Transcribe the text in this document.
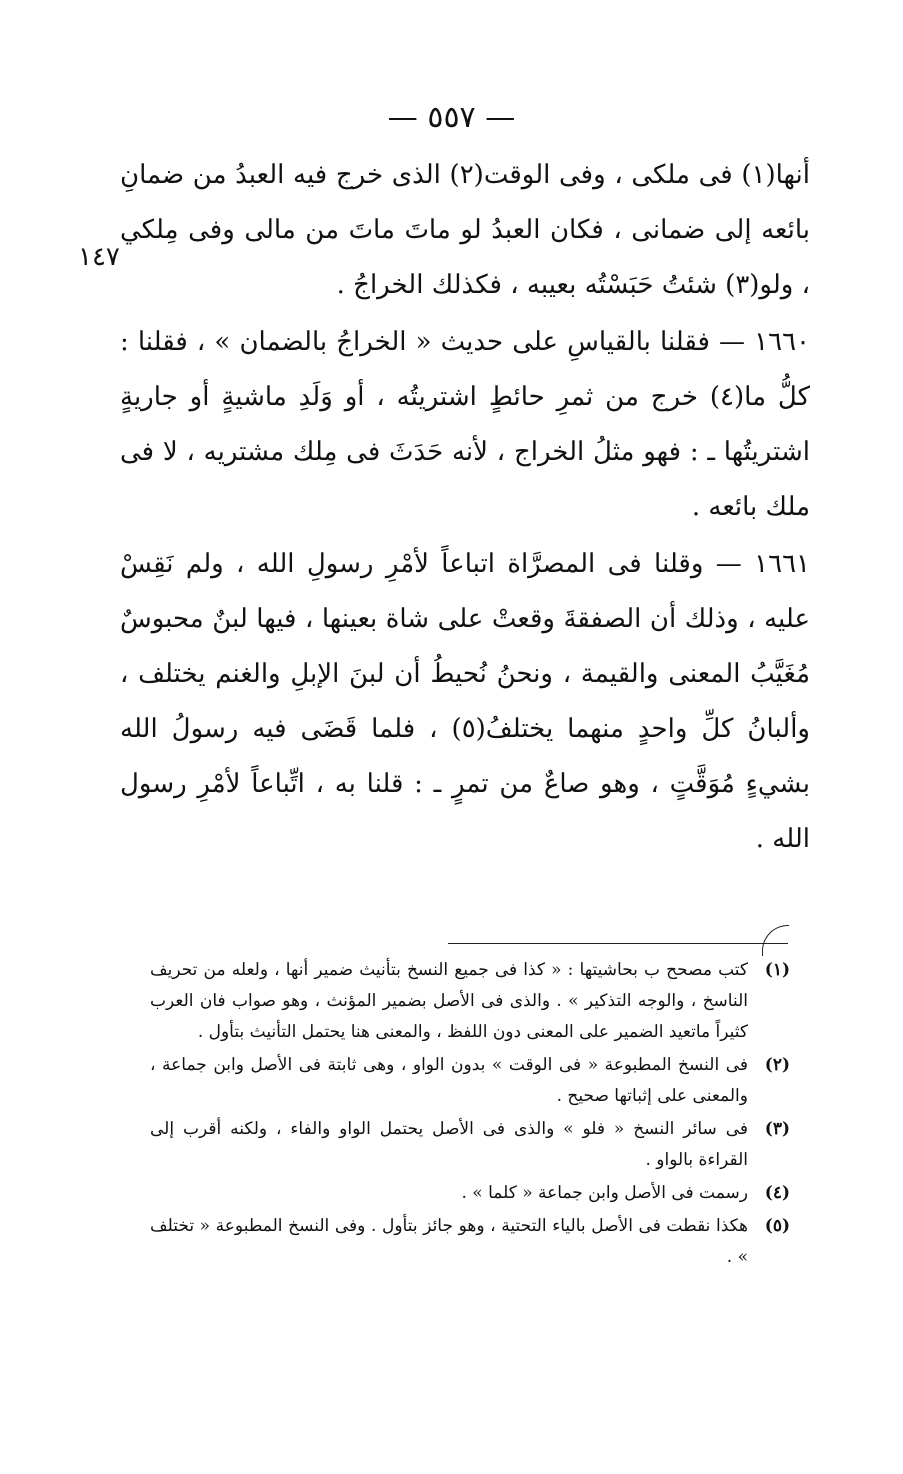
— ٥٥٧ —
١٤٧

أنها(١) فى ملكى ، وفى الوقت(٢) الذى خرج فيه العبدُ من ضمانِ بائعه إلى ضمانى ، فكان العبدُ لو ماتَ ماتَ من مالى وفى مِلكي ، ولو(٣) شئتُ حَبَسْتُه بعيبه ، فكذلك الخراجُ .

١٦٦٠ — فقلنا بالقياسِ على حديث « الخراجُ بالضمان » ، فقلنا : كلُّ ما(٤) خرج من ثمرِ حائطٍ اشتريتُه ، أو وَلَدِ ماشيةٍ أو جاريةٍ اشتريتُها ـ : فهو مثلُ الخراج ، لأنه حَدَثَ فى مِلك مشتريه ، لا فى ملك بائعه .

١٦٦١ — وقلنا فى المصرَّاة اتباعاً لأمْرِ رسولِ الله ، ولم نَقِسْ عليه ، وذلك أن الصفقةَ وقعتْ على شاة بعينها ، فيها لبنٌ محبوسٌ مُغَيَّبُ المعنى والقيمة ، ونحنُ نُحيطُ أن لبنَ الإبلِ والغنم يختلف ، وألبانُ كلِّ واحدٍ منهما يختلفُ(٥) ، فلما قَضَى فيه رسولُ الله بشيءٍ مُوَقَّتٍ ، وهو صاعٌ من تمرٍ ـ : قلنا به ، اتِّباعاً لأمْرِ رسول الله .

(١)
كتب مصحح ب بحاشيتها : « كذا فى جميع النسخ بتأنيث ضمير أنها ، ولعله من تحريف الناسخ ، والوجه التذكير » . والذى فى الأصل بضمير المؤنث ، وهو صواب فان العرب كثيراً ماتعيد الضمير على المعنى دون اللفظ ، والمعنى هنا يحتمل التأنيث بتأول .
(٢)
فى النسخ المطبوعة « فى الوقت » بدون الواو ، وهى ثابتة فى الأصل وابن جماعة ، والمعنى على إثباتها صحيح .
(٣)
فى سائر النسخ « فلو » والذى فى الأصل يحتمل الواو والفاء ، ولكنه أقرب إلى القراءة بالواو .
(٤)
رسمت فى الأصل وابن جماعة « كلما » .
(٥)
هكذا نقطت فى الأصل بالياء التحتية ، وهو جائز بتأول . وفى النسخ المطبوعة « تختلف » .
